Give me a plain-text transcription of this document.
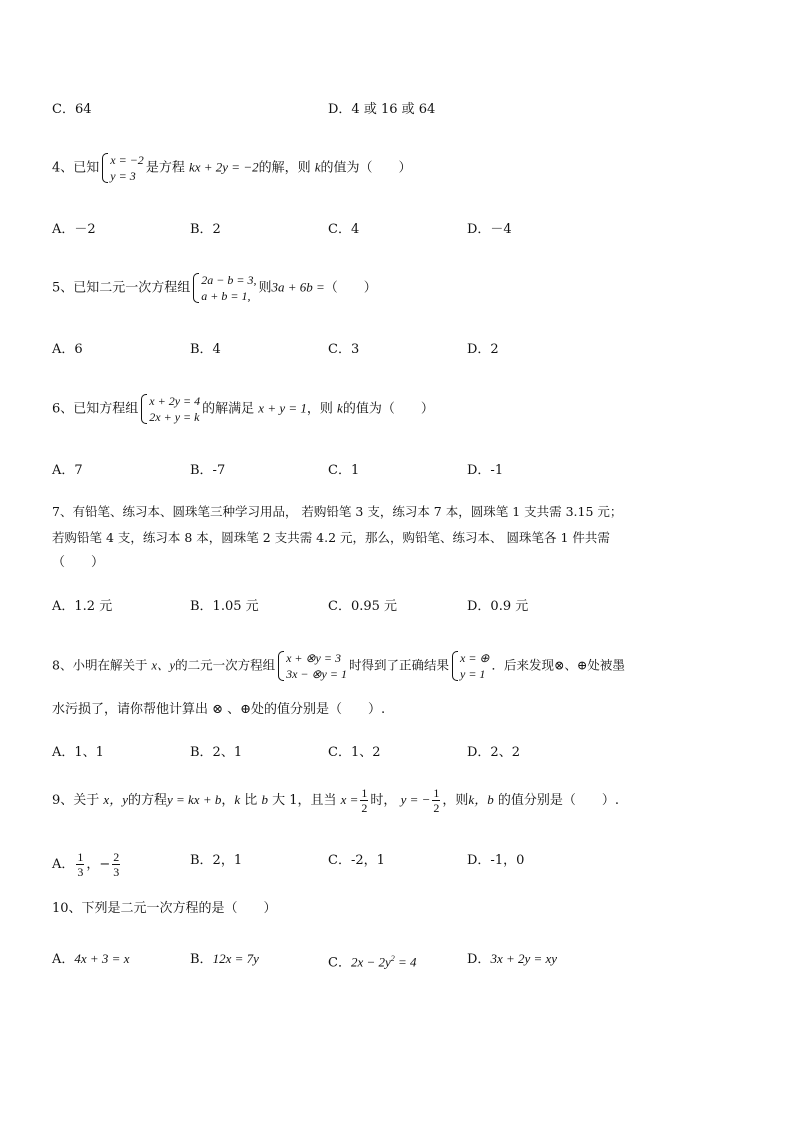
C．64	D．4 或 16 或 64
4、已知
x = −2
y = 3
是方程 kx + 2y = −2的解，则 k的值为（　　）
A．－2	B．2	C．4	D．－4
5、已知二元一次方程组
2a − b = 3,
a + b = 1,
则3a + 6b =（　　）
A．6	B．4	C．3	D．2
6、已知方程组
x + 2y = 4
2x + y = k
的解满足 x + y = 1，则 k的值为（　　）
A．7	B．-7	C．1	D．-1
7、有铅笔、练习本、圆珠笔三种学习用品， 若购铅笔 3 支，练习本 7 本，圆珠笔 1 支共需 3.15 元；
若购铅笔 4 支，练习本 8 本，圆珠笔 2 支共需 4.2 元，那么，购铅笔、练习本、 圆珠笔各 1 件共需
（　　）
A．1.2 元	B．1.05 元	C．0.95 元	D．0.9 元
8、小明在解关于 x、y的二元一次方程组 x + ⊗y = 3
3x − ⊗y = 1
时得到了正确结果 x = ⊕
y = 1
．后来发现⊗、⊕处被墨
水污损了，请你帮他计算出 ⊗ 、⊕处的值分别是（　　）.
A．1、1	B．2、1	C．1、2	D．2、2
9、关于 x，y的方程y = kx + b，k 比 b 大 1，且当 $x = \frac{1}{2}$ 时， y = − $\frac{1}{2}$ ，则k，b 的值分别是（　　）.
A． $\frac{1}{3}$ ，− $\frac{2}{3}$	B．2，1	C．-2，1	D．-1，0
10、下列是二元一次方程的是（　　）
A．4x + 3 = x	B．12x = 7y	C．$2x - 2y^2 = 4$	D．3x + 2y = xy
